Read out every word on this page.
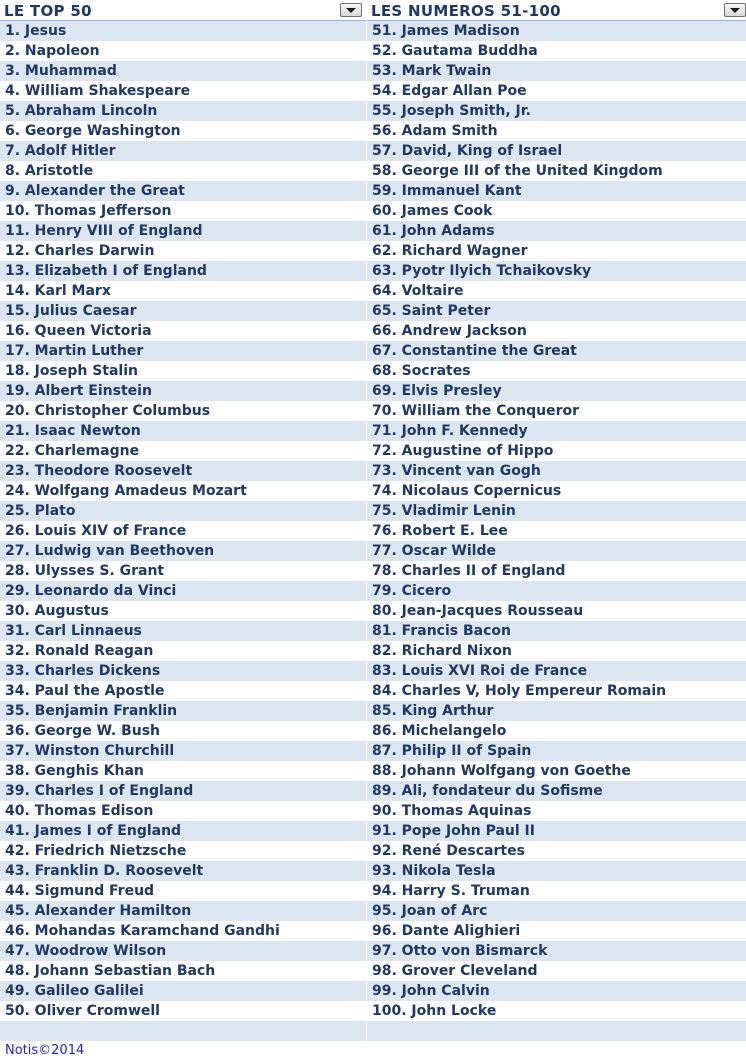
LE TOP 50
1. Jesus
2. Napoleon
3. Muhammad
4. William Shakespeare
5. Abraham Lincoln
6. George Washington
7. Adolf Hitler
8. Aristotle
9. Alexander the Great
10. Thomas Jefferson
11. Henry VIII of England
12. Charles Darwin
13. Elizabeth I of England
14. Karl Marx
15. Julius Caesar
16. Queen Victoria
17. Martin Luther
18. Joseph Stalin
19. Albert Einstein
20. Christopher Columbus
21. Isaac Newton
22. Charlemagne
23. Theodore Roosevelt
24. Wolfgang Amadeus Mozart
25. Plato
26. Louis XIV of France
27. Ludwig van Beethoven
28. Ulysses S. Grant
29. Leonardo da Vinci
30. Augustus
31. Carl Linnaeus
32. Ronald Reagan
33. Charles Dickens
34. Paul the Apostle
35. Benjamin Franklin
36. George W. Bush
37. Winston Churchill
38. Genghis Khan
39. Charles I of England
40. Thomas Edison
41. James I of England
42. Friedrich Nietzsche
43. Franklin D. Roosevelt
44. Sigmund Freud
45. Alexander Hamilton
46. Mohandas Karamchand Gandhi
47. Woodrow Wilson
48. Johann Sebastian Bach
49. Galileo Galilei
50. Oliver Cromwell
Notis©2014
LES NUMEROS 51-100
51. James Madison
52. Gautama Buddha
53. Mark Twain
54. Edgar Allan Poe
55. Joseph Smith, Jr.
56. Adam Smith
57. David, King of Israel
58. George III of the United Kingdom
59. Immanuel Kant
60. James Cook
61. John Adams
62. Richard Wagner
63. Pyotr Ilyich Tchaikovsky
64. Voltaire
65. Saint Peter
66. Andrew Jackson
67. Constantine the Great
68. Socrates
69. Elvis Presley
70. William the Conqueror
71. John F. Kennedy
72. Augustine of Hippo
73. Vincent van Gogh
74. Nicolaus Copernicus
75. Vladimir Lenin
76. Robert E. Lee
77. Oscar Wilde
78. Charles II of England
79. Cicero
80. Jean-Jacques Rousseau
81. Francis Bacon
82. Richard Nixon
83. Louis XVI Roi de France
84. Charles V, Holy Empereur Romain
85. King Arthur
86. Michelangelo
87. Philip II of Spain
88. Johann Wolfgang von Goethe
89. Ali, fondateur du Sofisme
90. Thomas Aquinas
91. Pope John Paul II
92. René Descartes
93. Nikola Tesla
94. Harry S. Truman
95. Joan of Arc
96. Dante Alighieri
97. Otto von Bismarck
98. Grover Cleveland
99. John Calvin
100. John Locke
